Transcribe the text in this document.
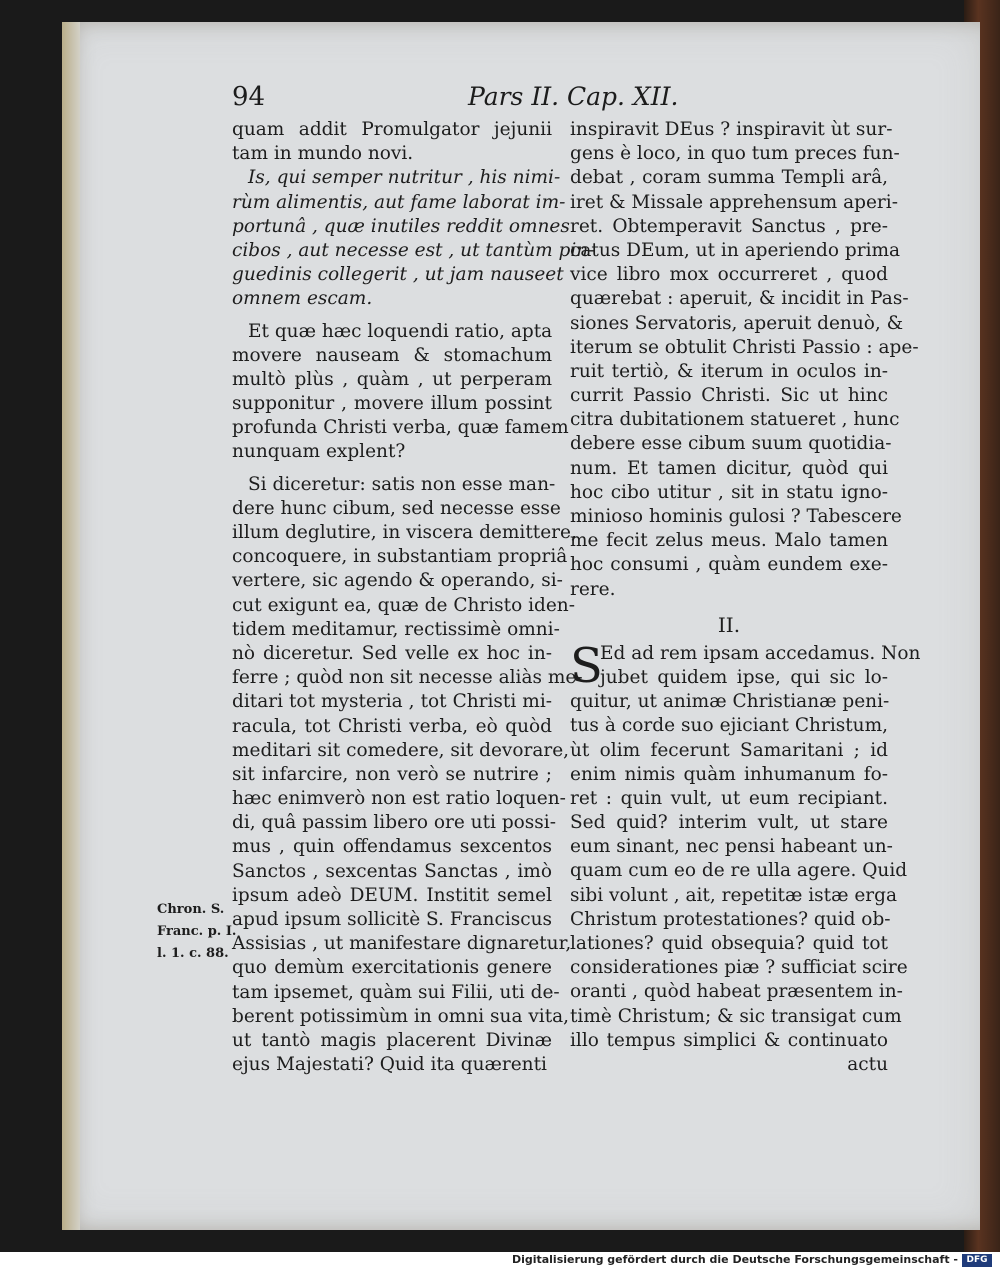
94	Pars II. Cap. XII.
quam addit Promulgator jejunii
tam in mundo novi.
Is, qui semper nutritur , his nimi-
rùm alimentis, aut fame laborat im-
portunâ , quæ inutiles reddit omnes
cibos , aut necesse est , ut tantùm pin-
guedinis collegerit , ut jam nauseet
omnem escam.
Et quæ hæc loquendi ratio, apta
movere nauseam & stomachum
multò plùs , quàm , ut perperam
supponitur , movere illum possint
profunda Christi verba, quæ famem
nunquam explent?
Si diceretur: satis non esse man-
dere hunc cibum, sed necesse esse
illum deglutire, in viscera demittere,
concoquere, in substantiam propriâ
vertere, sic agendo & operando, si-
cut exigunt ea, quæ de Christo iden-
tidem meditamur, rectissimè omni-
nò diceretur. Sed velle ex hoc in-
ferre ; quòd non sit necesse aliàs me-
ditari tot mysteria , tot Christi mi-
racula, tot Christi verba, eò quòd
meditari sit comedere, sit devorare,
sit infarcire, non verò se nutrire ;
hæc enimverò non est ratio loquen-
di, quâ passim libero ore uti possi-
mus , quin offendamus sexcentos
Sanctos , sexcentas Sanctas , imò
ipsum adeò DEUM. Institit semel
apud ipsum sollicitè S. Franciscus
Assisias , ut manifestare dignaretur,
quo demùm exercitationis genere
tam ipsemet, quàm sui Filii, uti de-
berent potissimùm in omni sua vita,
ut tantò magis placerent Divinæ
ejus Majestati? Quid ita quærenti
inspiravit DEus ? inspiravit ùt sur-
gens è loco, in quo tum preces fun-
debat , coram summa Templi arâ,
iret & Missale apprehensum aperi-
ret. Obtemperavit Sanctus , pre-
catus DEum, ut in aperiendo prima
vice libro mox occurreret , quod
quærebat : aperuit, & incidit in Pas-
siones Servatoris, aperuit denuò, &
iterum se obtulit Christi Passio : ape-
ruit tertiò, & iterum in oculos in-
currit Passio Christi. Sic ut hinc
citra dubitationem statueret , hunc
debere esse cibum suum quotidia-
num. Et tamen dicitur, quòd qui
hoc cibo utitur , sit in statu igno-
minioso hominis gulosi ? Tabescere
me fecit zelus meus. Malo tamen
hoc consumi , quàm eundem exe-
rere.
II.
S
Ed ad rem ipsam accedamus. Non
jubet quidem ipse, qui sic lo-
quitur, ut animæ Christianæ peni-
tus à corde suo ejiciant Christum,
ùt olim fecerunt Samaritani ; id
enim nimis quàm inhumanum fo-
ret : quin vult, ut eum recipiant.
Sed quid? interim vult, ut stare
eum sinant, nec pensi habeant un-
quam cum eo de re ulla agere. Quid
sibi volunt , ait, repetitæ istæ erga
Christum protestationes? quid ob-
lationes? quid obsequia? quid tot
considerationes piæ ? sufficiat scire
oranti , quòd habeat præsentem in-
timè Christum; & sic transigat cum
illo tempus simplici & continuato
actu
Chron. S.
Franc. p. I.
l. 1. c. 88.
Digitalisierung gefördert durch die Deutsche Forschungsgemeinschaft - DFG
